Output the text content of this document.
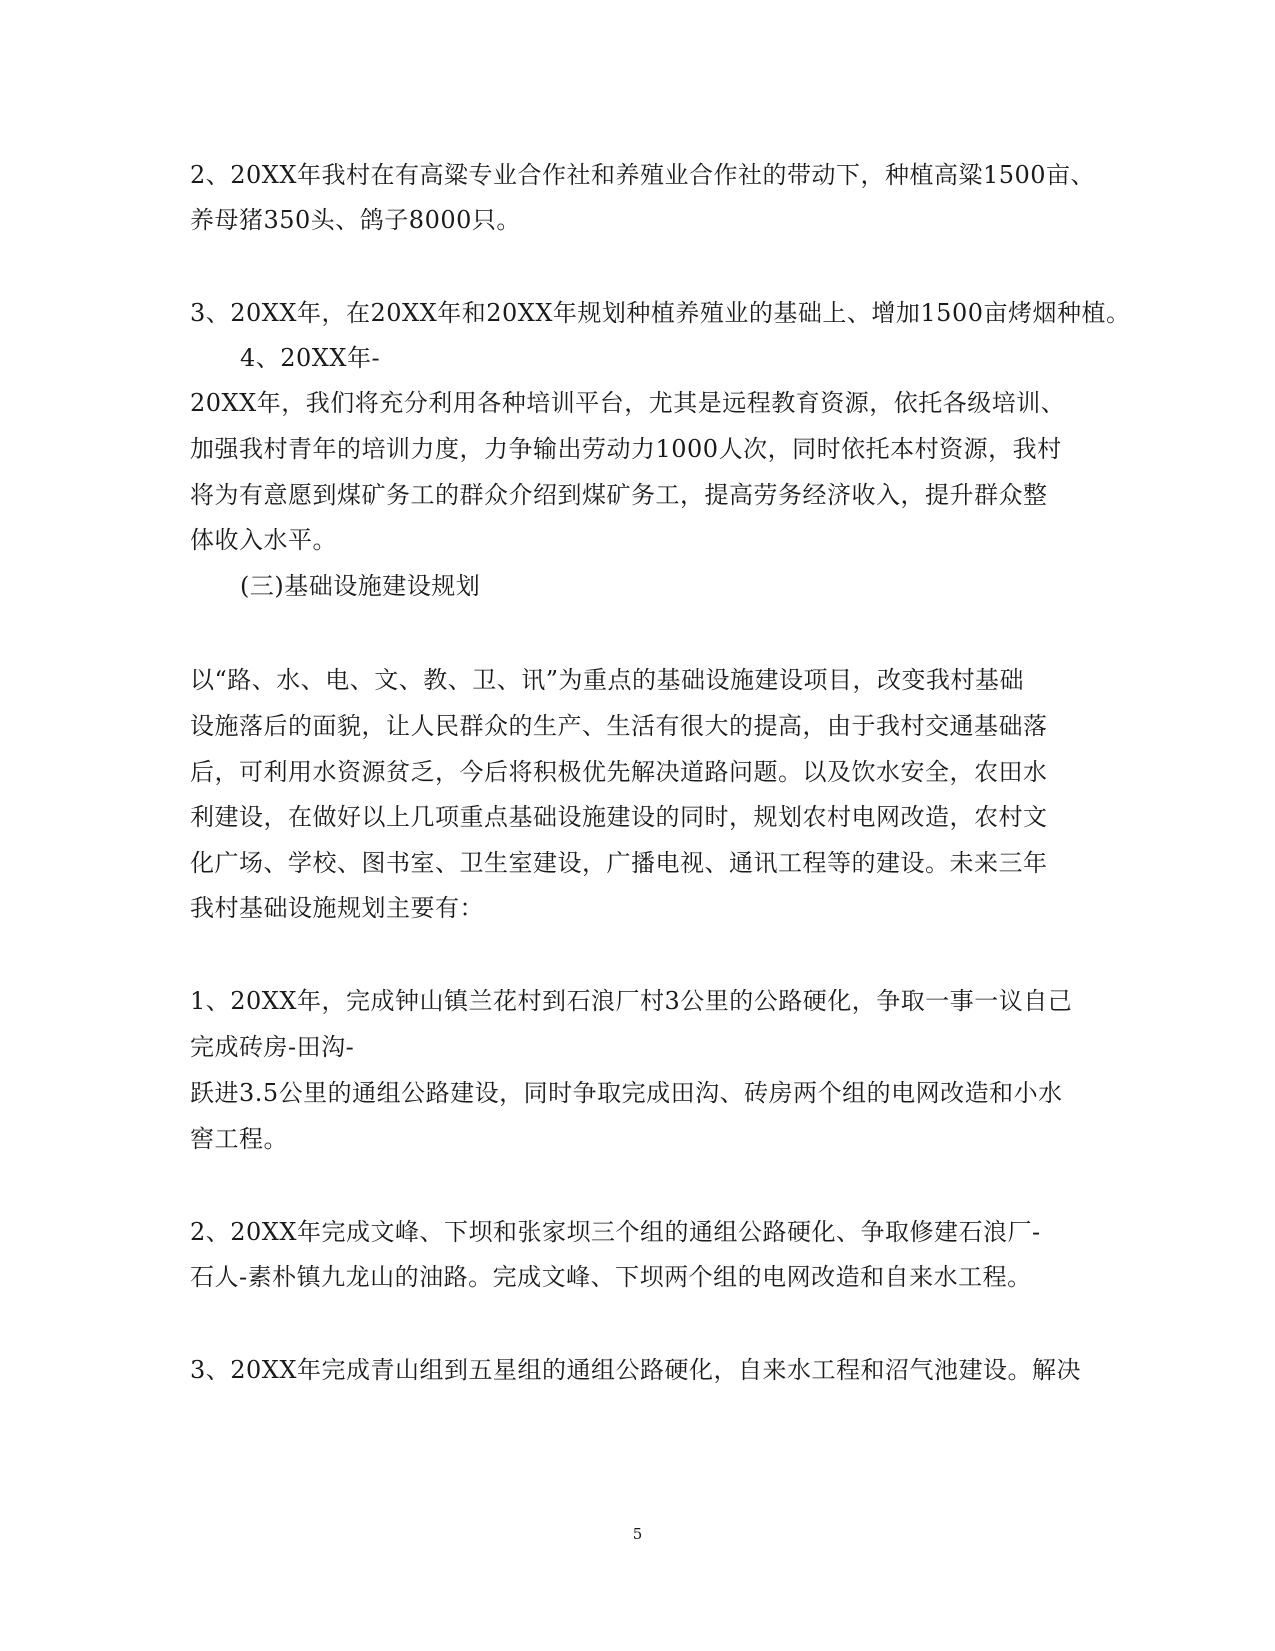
2、20XX年我村在有高粱专业合作社和养殖业合作社的带动下，种植高粱1500亩、
养母猪350头、鸽子8000只。
3、20XX年，在20XX年和20XX年规划种植养殖业的基础上、增加1500亩烤烟种植。
4、20XX年-
20XX年，我们将充分利用各种培训平台，尤其是远程教育资源，依托各级培训、
加强我村青年的培训力度，力争输出劳动力1000人次，同时依托本村资源，我村
将为有意愿到煤矿务工的群众介绍到煤矿务工，提高劳务经济收入，提升群众整
体收入水平。
(三)基础设施建设规划
以“路、水、电、文、教、卫、讯”为重点的基础设施建设项目，改变我村基础
设施落后的面貌，让人民群众的生产、生活有很大的提高，由于我村交通基础落
后，可利用水资源贫乏，今后将积极优先解决道路问题。以及饮水安全，农田水
利建设，在做好以上几项重点基础设施建设的同时，规划农村电网改造，农村文
化广场、学校、图书室、卫生室建设，广播电视、通讯工程等的建设。未来三年
我村基础设施规划主要有：
1、20XX年，完成钟山镇兰花村到石浪厂村3公里的公路硬化，争取一事一议自己
完成砖房-田沟-
跃进3.5公里的通组公路建设，同时争取完成田沟、砖房两个组的电网改造和小水
窖工程。
2、20XX年完成文峰、下坝和张家坝三个组的通组公路硬化、争取修建石浪厂-
石人-素朴镇九龙山的油路。完成文峰、下坝两个组的电网改造和自来水工程。
3、20XX年完成青山组到五星组的通组公路硬化，自来水工程和沼气池建设。解决
5
